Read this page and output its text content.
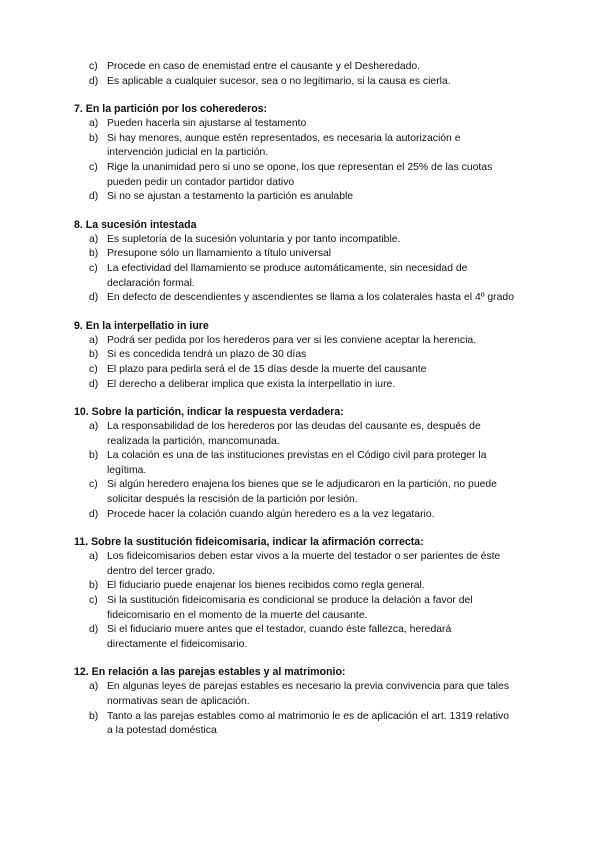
c) Procede en caso de enemistad entre el causante y el Desheredado.
d) Es aplicable a cualquier sucesor, sea o no legitimario, si la causa es cierla.
7. En la partición por los coherederos:
a) Pueden hacerla sin ajustarse al testamento
b) Si hay menores, aunque estén representados, es necesaria la autorización e intervención judicial en la partición.
c) Rige la unanimidad pero si uno se opone, los que representan el 25% de las cuotas pueden pedir un contador partidor dativo
d) Si no se ajustan a testamento la partición es anulable
8. La sucesión intestada
a) Es supletoria de la sucesión voluntaria y por tanto incompatible.
b) Presupone sólo un llamamiento a título universal
c) La efectividad del llamamiento se produce automáticamente, sin necesidad de declaración formal.
d) En defecto de descendientes y ascendientes se llama a los colaterales hasta el 4º grado
9. En la interpellatio in iure
a) Podrá ser pedida por los herederos para ver si les conviene aceptar la herencia.
b) Si es concedida tendrá un plazo de 30 días
c) El plazo para pedirla será el de 15 días desde la muerte del causante
d) El derecho a deliberar implica que exista la interpellatio in iure.
10. Sobre la partición, indicar la respuesta verdadera:
a) La responsabilidad de los herederos por las deudas del causante es, después de realizada la partición, mancomunada.
b) La colación es una de las instituciones previstas en el Código civil para proteger la legítima.
c) Si algún heredero enajena los bienes que se le adjudicaron en la partición, no puede solicitar después la rescisión de la partición por lesión.
d) Procede hacer la colación cuando algún heredero es a la vez legatario.
11. Sobre la sustitución fideicomisaria, indicar la afirmación correcta:
a) Los fideicomisarios deben estar vivos a la muerte del testador o ser parientes de éste dentro del tercer grado.
b) El fiduciario puede enajenar los bienes recibidos como regla general.
c) Si la sustitución fideicomisaria es condicional se produce la delación a favor del fideicomisario en el momento de la muerte del causante.
d) Si el fiduciario muere antes que el testador, cuando éste fallezca, heredará directamente el fideicomisario.
12. En relación a las parejas estables y al matrimonio:
a) En algunas leyes de parejas estables es necesario la previa convivencia para que tales normativas sean de aplicación.
b) Tanto a las parejas estables como al matrimonio le es de aplicación el art. 1319 relativo a la potestad doméstica
